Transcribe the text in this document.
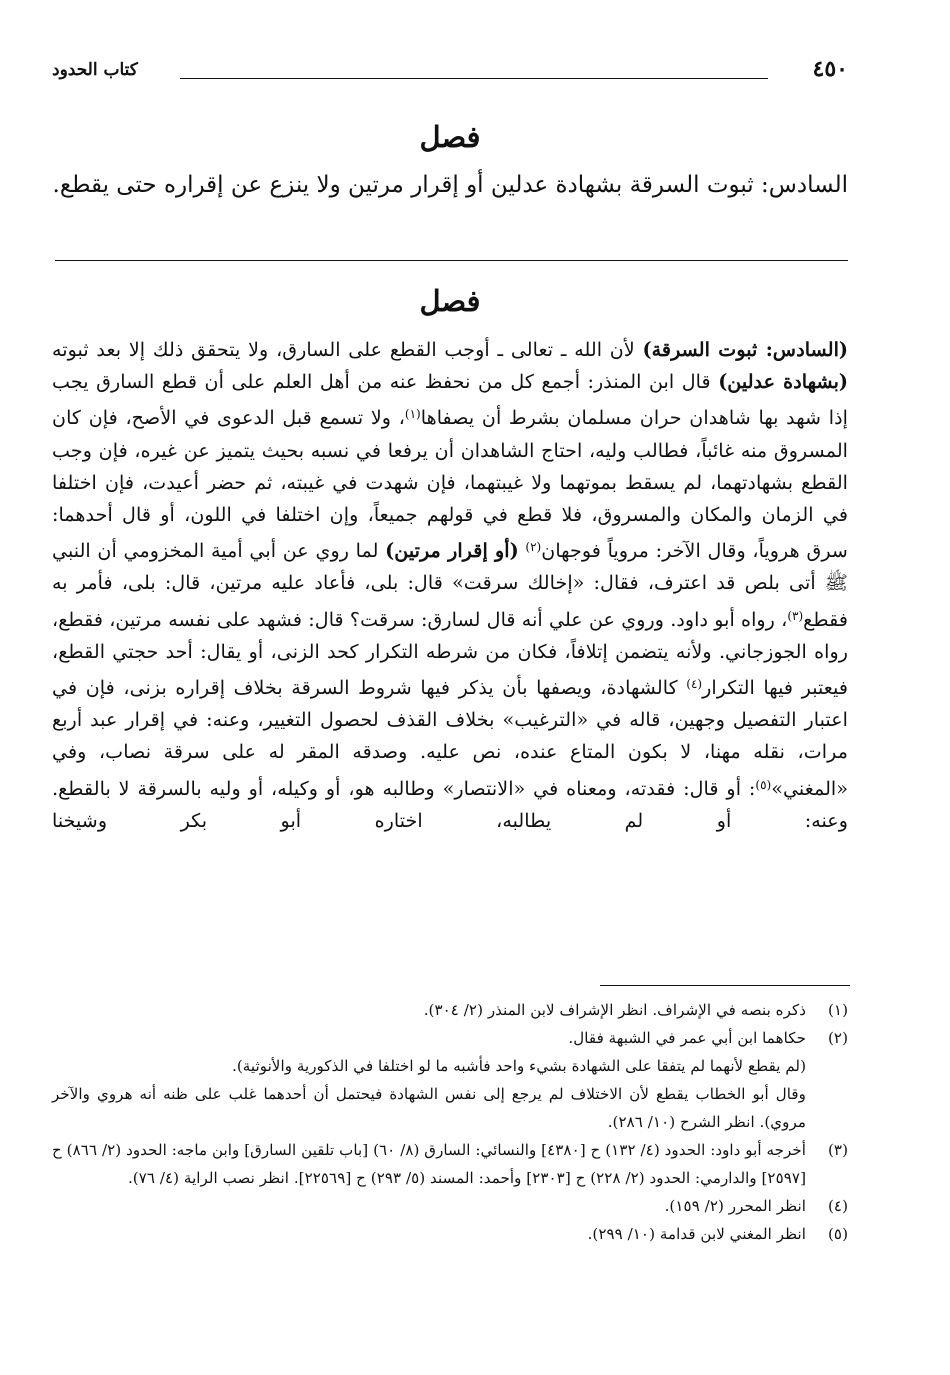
٤٥٠
كتاب الحدود
فصل
السادس: ثبوت السرقة بشهادة عدلين أو إقرار مرتين ولا ينزع عن إقراره حتى يقطع.
فصل

(السادس: ثبوت السرقة) لأن الله ـ تعالى ـ أوجب القطع على السارق، ولا يتحقق ذلك إلا بعد ثبوته (بشهادة عدلين) قال ابن المنذر: أجمع كل من نحفظ عنه من أهل العلم على أن قطع السارق يجب إذا شهد بها شاهدان حران مسلمان بشرط أن يصفاها$^{(١)}$، ولا تسمع قبل الدعوى في الأصح، فإن كان المسروق منه غائباً، فطالب وليه، احتاج الشاهدان أن يرفعا في نسبه بحيث يتميز عن غيره، فإن وجب القطع بشهادتهما، لم يسقط بموتهما ولا غيبتهما، فإن شهدت في غيبته، ثم حضر أعيدت، فإن اختلفا في الزمان والمكان والمسروق، فلا قطع في قولهم جميعاً، وإن اختلفا في اللون، أو قال أحدهما: سرق هروياً، وقال الآخر: مروياً فوجهان$^{(٢)}$ (أو إقرار مرتين) لما روي عن أبي أمية المخزومي أن النبي ﷺ أتى بلص قد اعترف، فقال: «إخالك سرقت» قال: بلى، فأعاد عليه مرتين، قال: بلى، فأمر به فقطع$^{(٣)}$، رواه أبو داود. وروي عن علي أنه قال لسارق: سرقت؟ قال: فشهد على نفسه مرتين، فقطع، رواه الجوزجاني. ولأنه يتضمن إتلافاً، فكان من شرطه التكرار كحد الزنى، أو يقال: أحد حجتي القطع، فيعتبر فيها التكرار$^{(٤)}$ كالشهادة، ويصفها بأن يذكر فيها شروط السرقة بخلاف إقراره بزنى، فإن في اعتبار التفصيل وجهين، قاله في «الترغيب» بخلاف القذف لحصول التغيير، وعنه: في إقرار عبد أربع مرات، نقله مهنا، لا بكون المتاع عنده، نص عليه. وصدقه المقر له على سرقة نصاب، وفي «المغني»$^{(٥)}$: أو قال: فقدته، ومعناه في «الانتصار» وطالبه هو، أو وكيله، أو وليه بالسرقة لا بالقطع. وعنه: أو لم يطالبه، اختاره أبو بكر وشيخنا

(١)
ذكره بنصه في الإشراف. انظر الإشراف لابن المنذر (٢/ ٣٠٤).
(٢)
حكاهما ابن أبي عمر في الشبهة فقال.
(لم يقطع لأنهما لم يتفقا على الشهادة بشيء واحد فأشبه ما لو اختلفا في الذكورية والأنوثية).
وقال أبو الخطاب يقطع لأن الاختلاف لم يرجع إلى نفس الشهادة فيحتمل أن أحدهما غلب على ظنه أنه هروي والآخر مروي). انظر الشرح (١٠/ ٢٨٦).
(٣)
أخرجه أبو داود: الحدود (٤/ ١٣٢) ح [٤٣٨٠] والنسائي: السارق (٨/ ٦٠) [باب تلقين السارق] وابن ماجه: الحدود (٢/ ٨٦٦) ح [٢٥٩٧] والدارمي: الحدود (٢/ ٢٢٨) ح [٢٣٠٣] وأحمد: المسند (٥/ ٢٩٣) ح [٢٢٥٦٩]. انظر نصب الراية (٤/ ٧٦).
(٤)
انظر المحرر (٢/ ١٥٩).
(٥)
انظر المغني لابن قدامة (١٠/ ٢٩٩).
